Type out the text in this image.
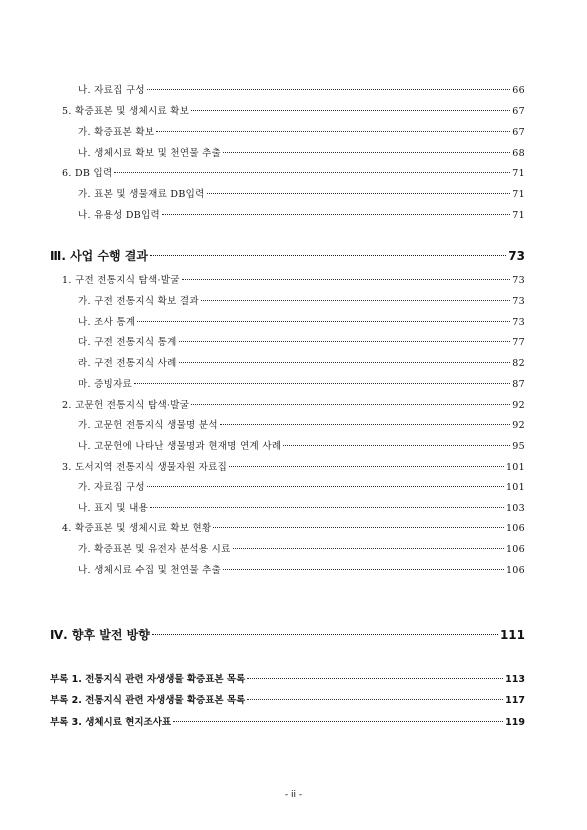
나. 자료집 구성	66
5. 확증표본 및 생체시료 확보	67
가. 확증표본 확보	67
나. 생체시료 확보 및 천연물 추출	68
6. DB 입력	71
가. 표본 및 생물재료 DB입력	71
나. 유용성 DB입력	71
Ⅲ. 사업 수행 결과	73
1. 구전 전통지식 탐색·발굴	73
가. 구전 전통지식 확보 결과	73
나. 조사 통계	73
다. 구전 전통지식 통계	77
라. 구전 전통지식 사례	82
마. 증빙자료	87
2. 고문헌 전통지식 탐색·발굴	92
가. 고문헌 전통지식 생물명 분석	92
나. 고문헌에 나타난 생물명과 현재명 연계 사례	95
3. 도서지역 전통지식 생물자원 자료집	101
가. 자료집 구성	101
나. 표지 및 내용	103
4. 확증표본 및 생체시료 확보 현황	106
가. 확증표본 및 유전자 분석용 시료	106
나. 생체시료 수집 및 천연물 추출	106
Ⅳ. 향후 발전 방향	111
부록 1. 전통지식 관련 자생생물 확증표본 목록	113
부록 2. 전통지식 관련 자생생물 확증표본 목록	117
부록 3. 생체시료 현지조사표	119
- ii -
